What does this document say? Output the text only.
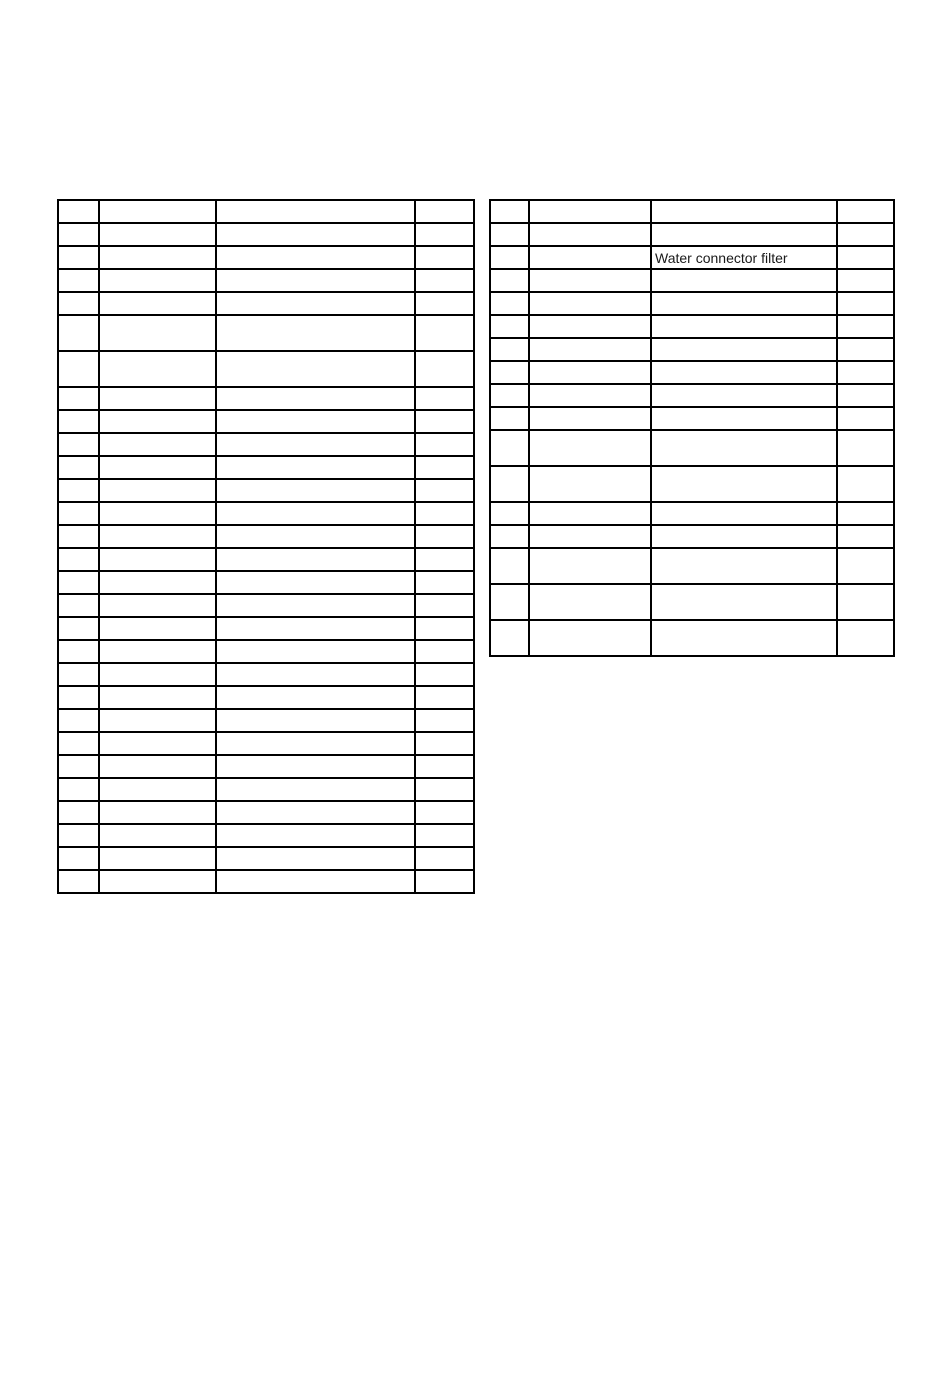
		Water connector filter	
